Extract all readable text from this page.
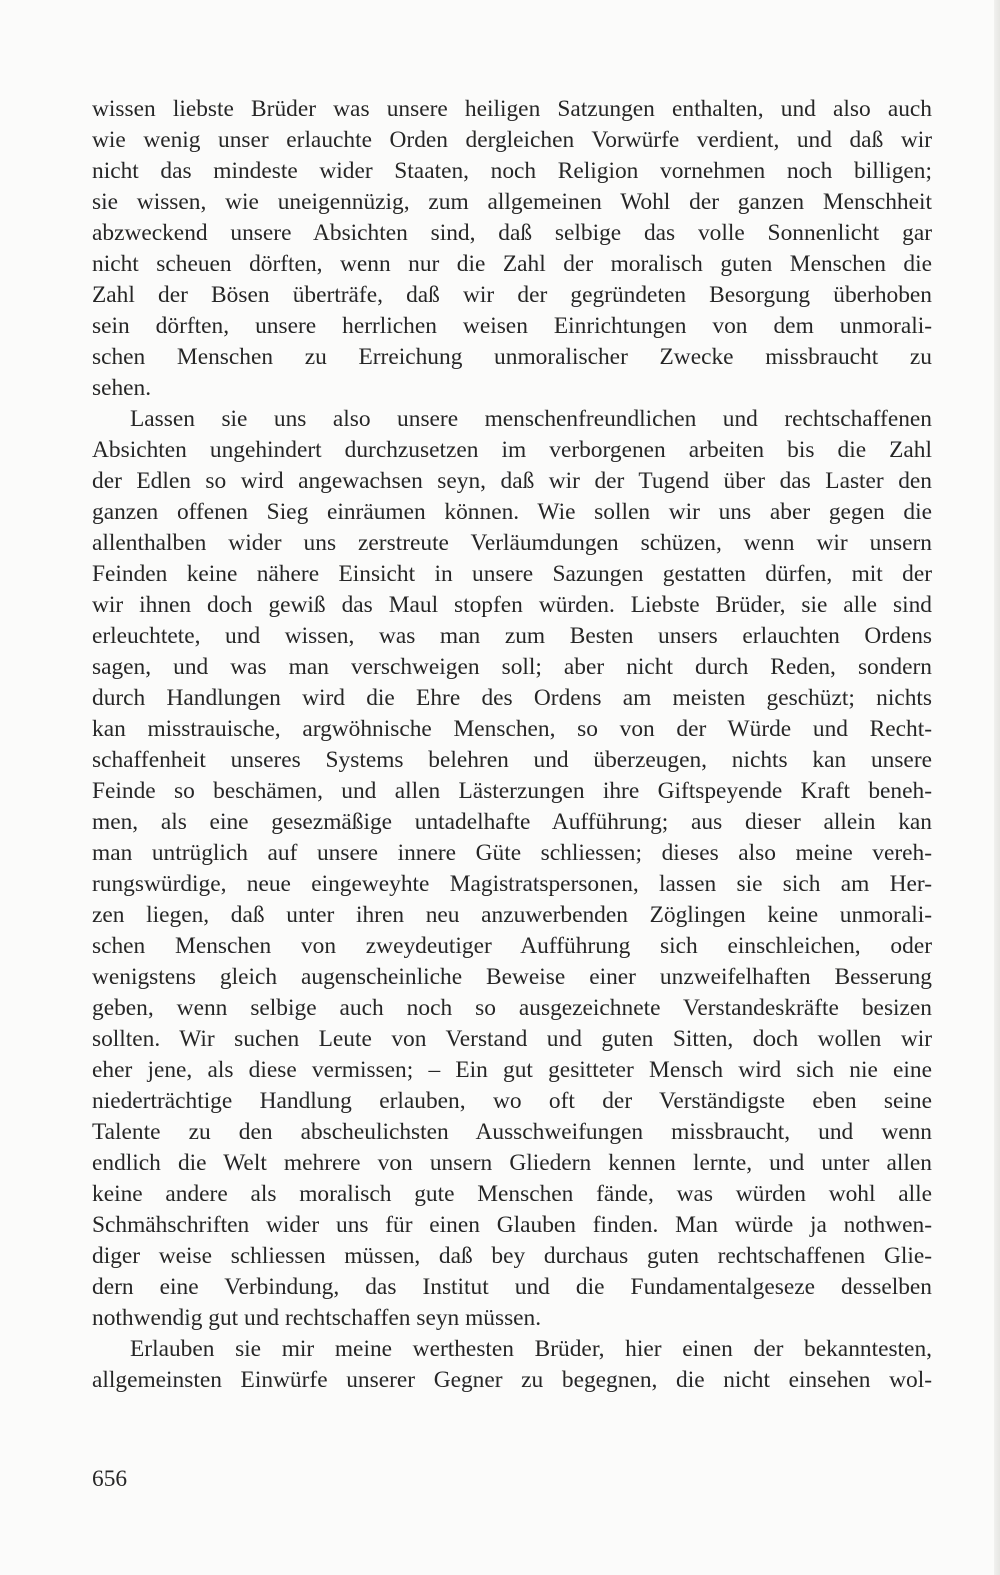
wissen liebste Brüder was unsere heiligen Satzungen enthalten, und also auch
wie wenig unser erlauchte Orden dergleichen Vorwürfe verdient, und daß wir
nicht das mindeste wider Staaten, noch Religion vornehmen noch billigen;
sie wissen, wie uneigennüzig, zum allgemeinen Wohl der ganzen Menschheit
abzweckend unsere Absichten sind, daß selbige das volle Sonnenlicht gar
nicht scheuen dörften, wenn nur die Zahl der moralisch guten Menschen die
Zahl der Bösen überträfe, daß wir der gegründeten Besorgung überhoben
sein dörften, unsere herrlichen weisen Einrichtungen von dem unmorali-
schen Menschen zu Erreichung unmoralischer Zwecke missbraucht zu
sehen.
Lassen sie uns also unsere menschenfreundlichen und rechtschaffenen
Absichten ungehindert durchzusetzen im verborgenen arbeiten bis die Zahl
der Edlen so wird angewachsen seyn, daß wir der Tugend über das Laster den
ganzen offenen Sieg einräumen können. Wie sollen wir uns aber gegen die
allenthalben wider uns zerstreute Verläumdungen schüzen, wenn wir unsern
Feinden keine nähere Einsicht in unsere Sazungen gestatten dürfen, mit der
wir ihnen doch gewiß das Maul stopfen würden. Liebste Brüder, sie alle sind
erleuchtete, und wissen, was man zum Besten unsers erlauchten Ordens
sagen, und was man verschweigen soll; aber nicht durch Reden, sondern
durch Handlungen wird die Ehre des Ordens am meisten geschüzt; nichts
kan misstrauische, argwöhnische Menschen, so von der Würde und Recht-
schaffenheit unseres Systems belehren und überzeugen, nichts kan unsere
Feinde so beschämen, und allen Lästerzungen ihre Giftspeyende Kraft beneh-
men, als eine gesezmäßige untadelhafte Aufführung; aus dieser allein kan
man untrüglich auf unsere innere Güte schliessen; dieses also meine vereh-
rungswürdige, neue eingeweyhte Magistratspersonen, lassen sie sich am Her-
zen liegen, daß unter ihren neu anzuwerbenden Zöglingen keine unmorali-
schen Menschen von zweydeutiger Aufführung sich einschleichen, oder
wenigstens gleich augenscheinliche Beweise einer unzweifelhaften Besserung
geben, wenn selbige auch noch so ausgezeichnete Verstandeskräfte besizen
sollten. Wir suchen Leute von Verstand und guten Sitten, doch wollen wir
eher jene, als diese vermissen; – Ein gut gesitteter Mensch wird sich nie eine
niederträchtige Handlung erlauben, wo oft der Verständigste eben seine
Talente zu den abscheulichsten Ausschweifungen missbraucht, und wenn
endlich die Welt mehrere von unsern Gliedern kennen lernte, und unter allen
keine andere als moralisch gute Menschen fände, was würden wohl alle
Schmähschriften wider uns für einen Glauben finden. Man würde ja nothwen-
diger weise schliessen müssen, daß bey durchaus guten rechtschaffenen Glie-
dern eine Verbindung, das Institut und die Fundamentalgeseze desselben
nothwendig gut und rechtschaffen seyn müssen.
Erlauben sie mir meine werthesten Brüder, hier einen der bekanntesten,
allgemeinsten Einwürfe unserer Gegner zu begegnen, die nicht einsehen wol-
656
